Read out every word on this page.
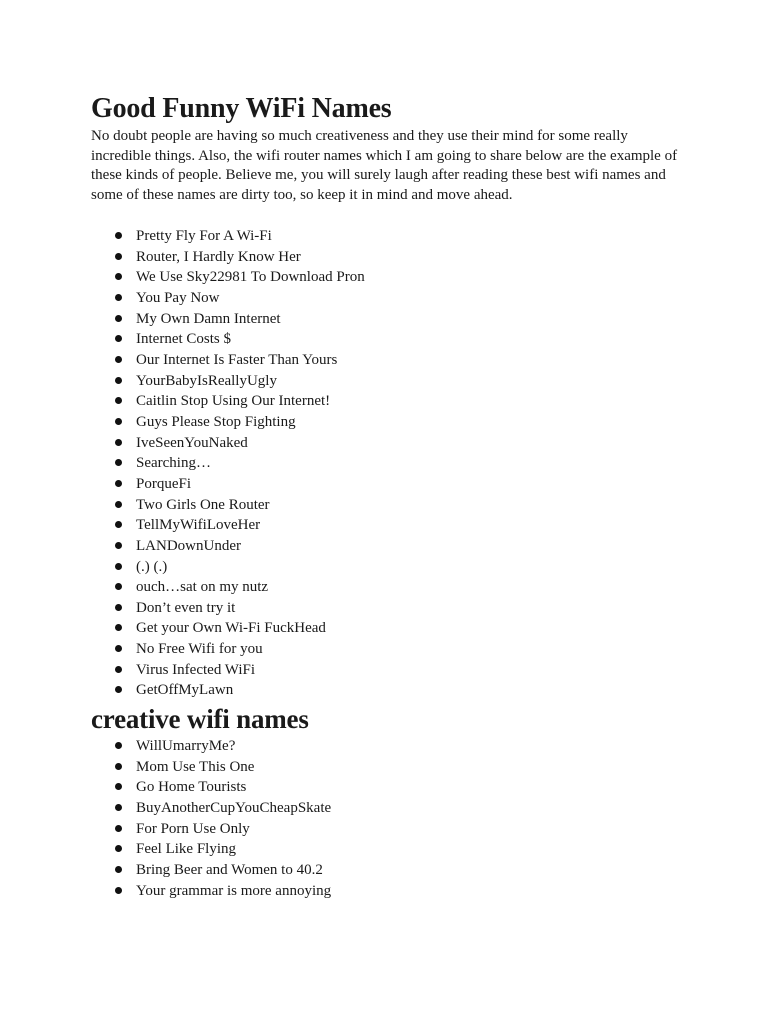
Good Funny WiFi Names

No doubt people are having so much creativeness and they use their mind for some really incredible things. Also, the wifi router names which I am going to share below are the example of these kinds of people. Believe me, you will surely laugh after reading these best wifi names and some of these names are dirty too, so keep it in mind and move ahead.

Pretty Fly For A Wi-Fi
Router, I Hardly Know Her
We Use Sky22981 To Download Pron
You Pay Now
My Own Damn Internet
Internet Costs $
Our Internet Is Faster Than Yours
YourBabyIsReallyUgly
Caitlin Stop Using Our Internet!
Guys Please Stop Fighting
IveSeenYouNaked
Searching…
PorqueFi
Two Girls One Router
TellMyWifiLoveHer
LANDownUnder
(.) (.)
ouch…sat on my nutz
Don’t even try it
Get your Own Wi-Fi FuckHead
No Free Wifi for you
Virus Infected WiFi
GetOffMyLawn
creative wifi names
WillUmarryMe?
Mom Use This One
Go Home Tourists
BuyAnotherCupYouCheapSkate
For Porn Use Only
Feel Like Flying
Bring Beer and Women to 40.2
Your grammar is more annoying
